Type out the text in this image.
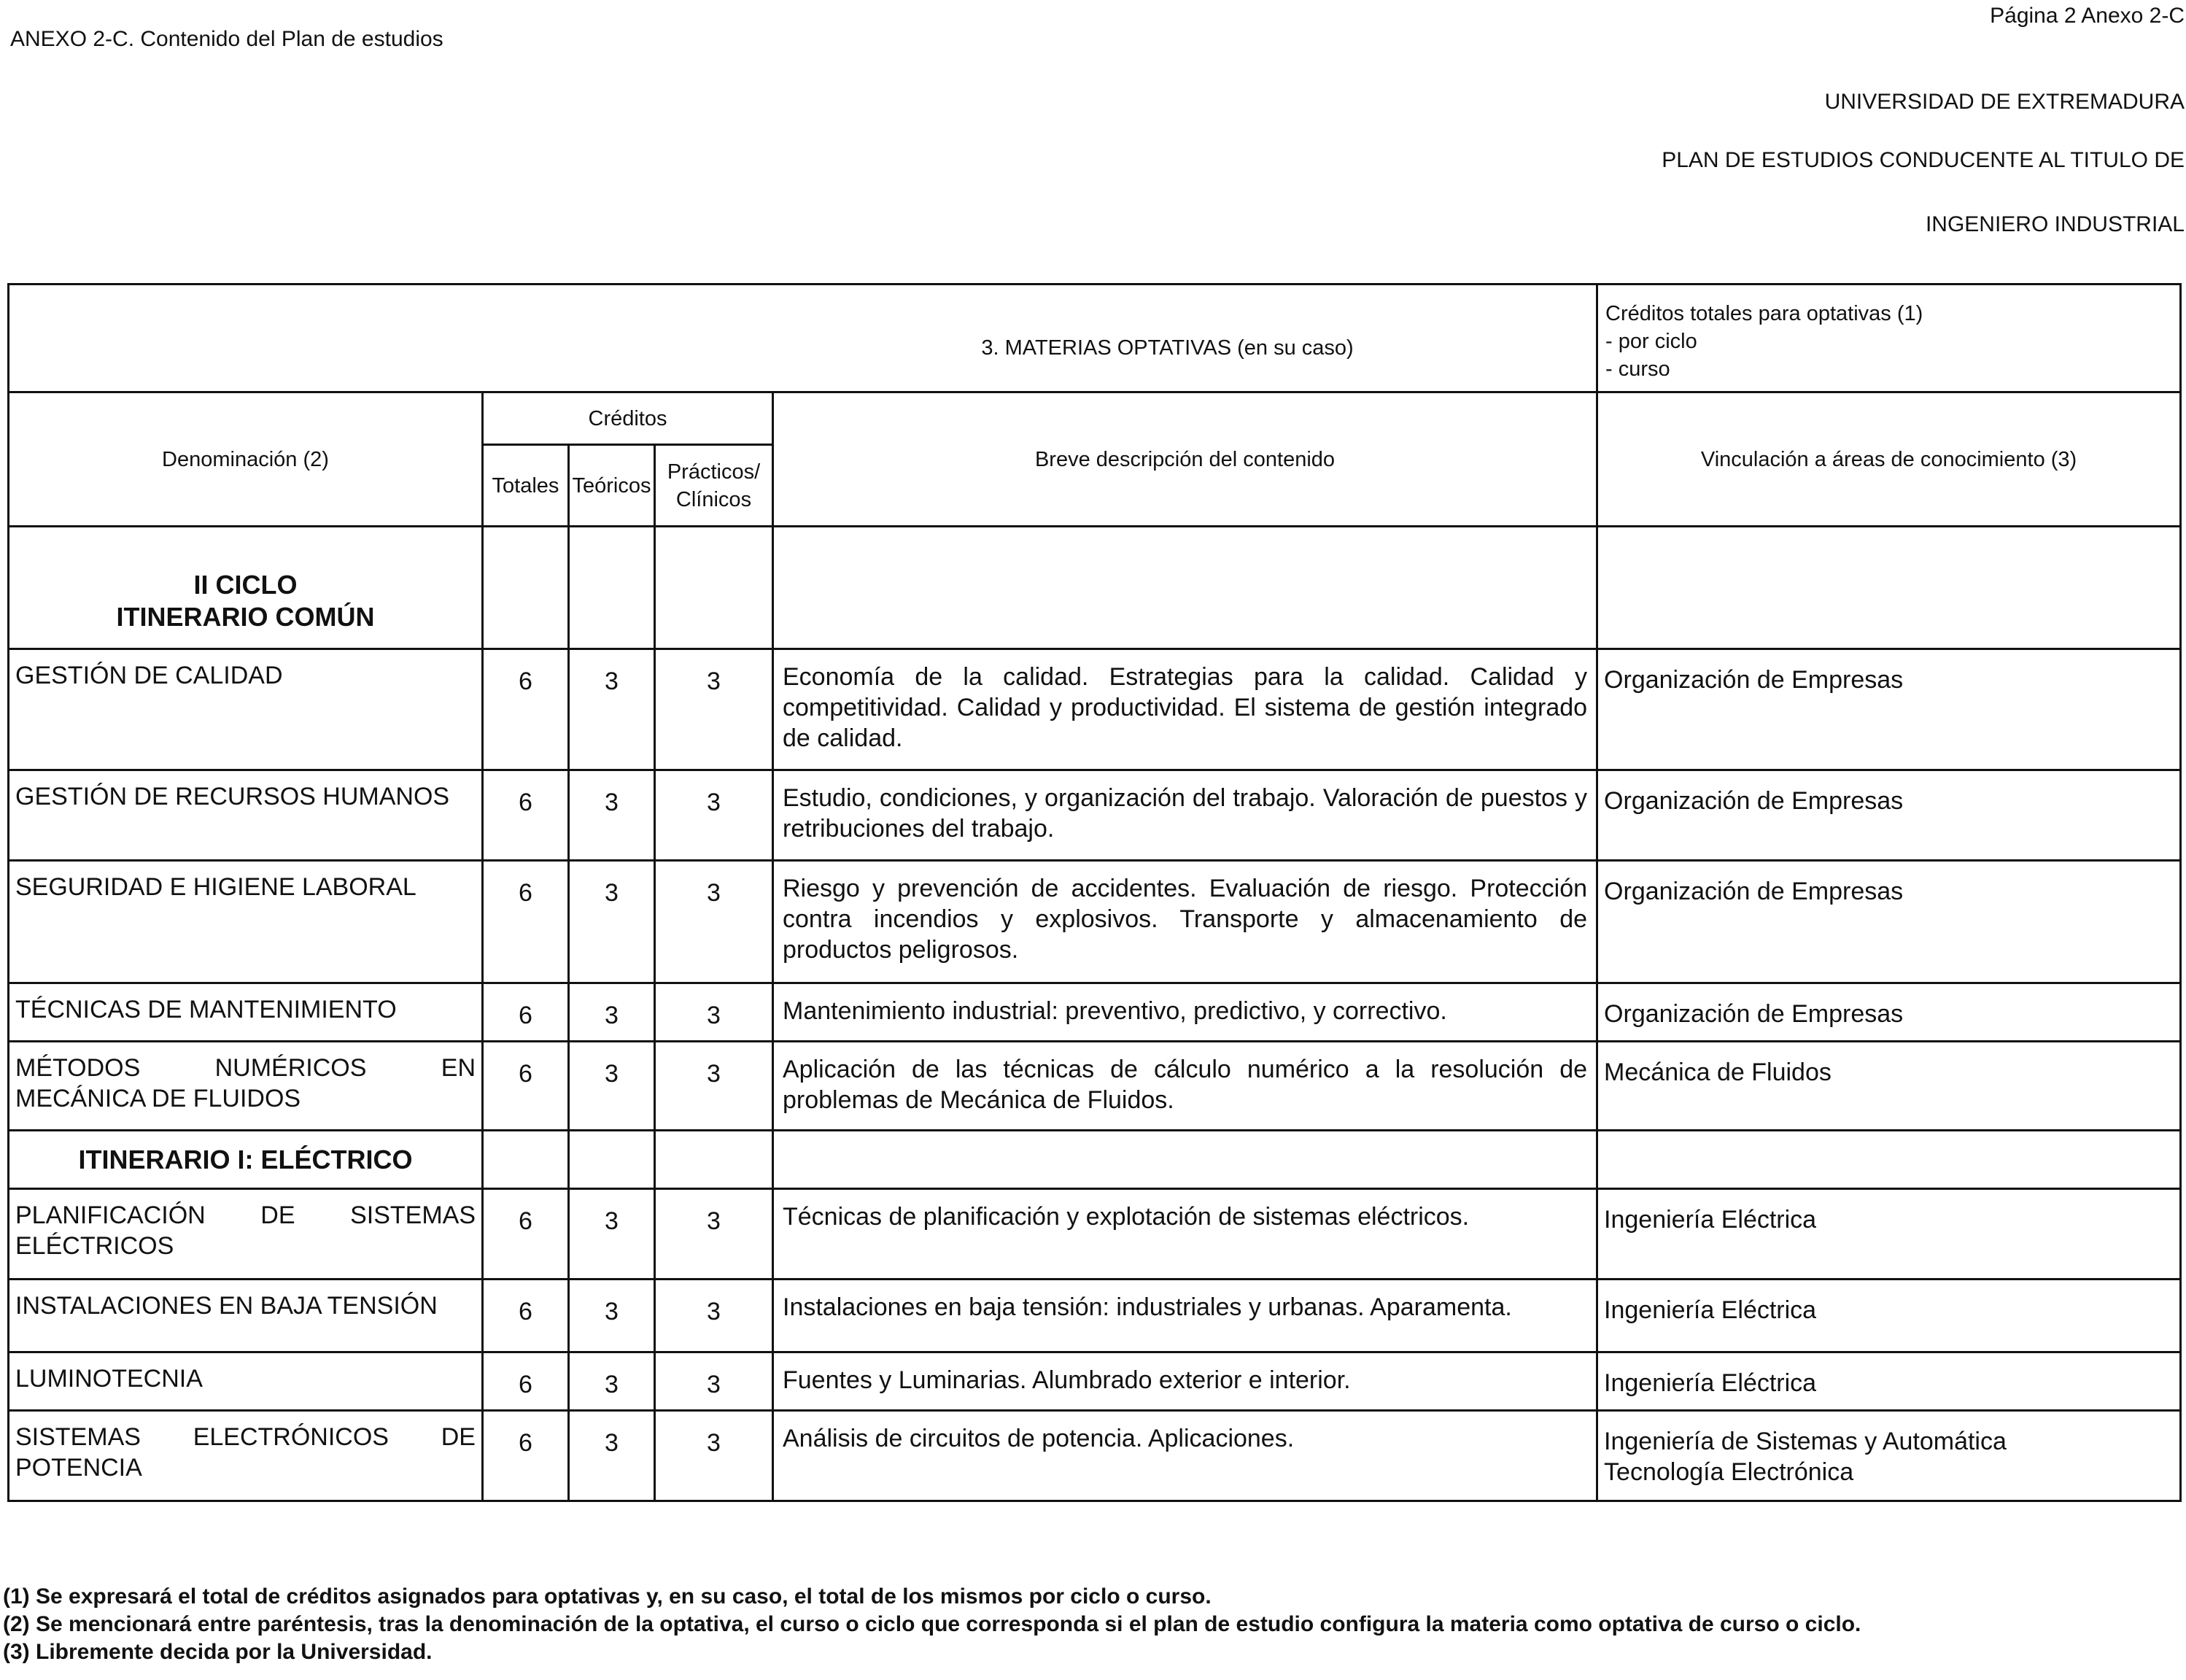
ANEXO 2-C. Contenido del Plan de estudios
Página 2 Anexo 2-C
UNIVERSIDAD DE EXTREMADURA
PLAN DE ESTUDIOS CONDUCENTE AL TITULO DE
INGENIERO INDUSTRIAL
3. MATERIAS OPTATIVAS (en su caso)					Créditos totales para optativas (1)
- por ciclo
- curso

Denominación (2)	Créditos			Breve descripción del contenido	Vinculación a áreas de conocimiento (3)
	Totales	Teóricos	Prácticos/ Clínicos		

II CICLO
ITINERARIO COMÚN					

GESTIÓN DE CALIDAD	6	3	3	Economía de la calidad. Estrategias para la calidad. Calidad y competitividad. Calidad y productividad. El sistema de gestión integrado de calidad.	Organización de Empresas

GESTIÓN DE RECURSOS HUMANOS	6	3	3	Estudio, condiciones, y organización del trabajo. Valoración de puestos y retribuciones del trabajo.	Organización de Empresas

SEGURIDAD E HIGIENE LABORAL	6	3	3	Riesgo y prevención de accidentes. Evaluación de riesgo. Protección contra incendios y explosivos. Transporte y almacenamiento de productos peligrosos.	Organización de Empresas

TÉCNICAS DE MANTENIMIENTO	6	3	3	Mantenimiento industrial: preventivo, predictivo, y correctivo.	Organización de Empresas

MÉTODOS NUMÉRICOS EN MECÁNICA DE FLUIDOS	6	3	3	Aplicación de las técnicas de cálculo numérico a la resolución de problemas de Mecánica de Fluidos.	Mecánica de Fluidos

ITINERARIO I: ELÉCTRICO					
PLANIFICACIÓN DE SISTEMAS ELÉCTRICOS	6	3	3	Técnicas de planificación y explotación de sistemas eléctricos.	Ingeniería Eléctrica

INSTALACIONES EN BAJA TENSIÓN	6	3	3	Instalaciones en baja tensión: industriales y urbanas. Aparamenta.	Ingeniería Eléctrica

LUMINOTECNIA	6	3	3	Fuentes y Luminarias. Alumbrado exterior e interior.	Ingeniería Eléctrica

SISTEMAS ELECTRÓNICOS DE POTENCIA	6	3	3	Análisis de circuitos de potencia. Aplicaciones.	Ingeniería de Sistemas y Automática
Tecnología Electrónica
(1) Se expresará el total de créditos asignados para optativas y, en su caso, el total de los mismos por ciclo o curso.
(2) Se mencionará entre paréntesis, tras la denominación de la optativa, el curso o ciclo que corresponda si el plan de estudio configura la materia como optativa de curso o ciclo.
(3) Libremente decida por la Universidad.
